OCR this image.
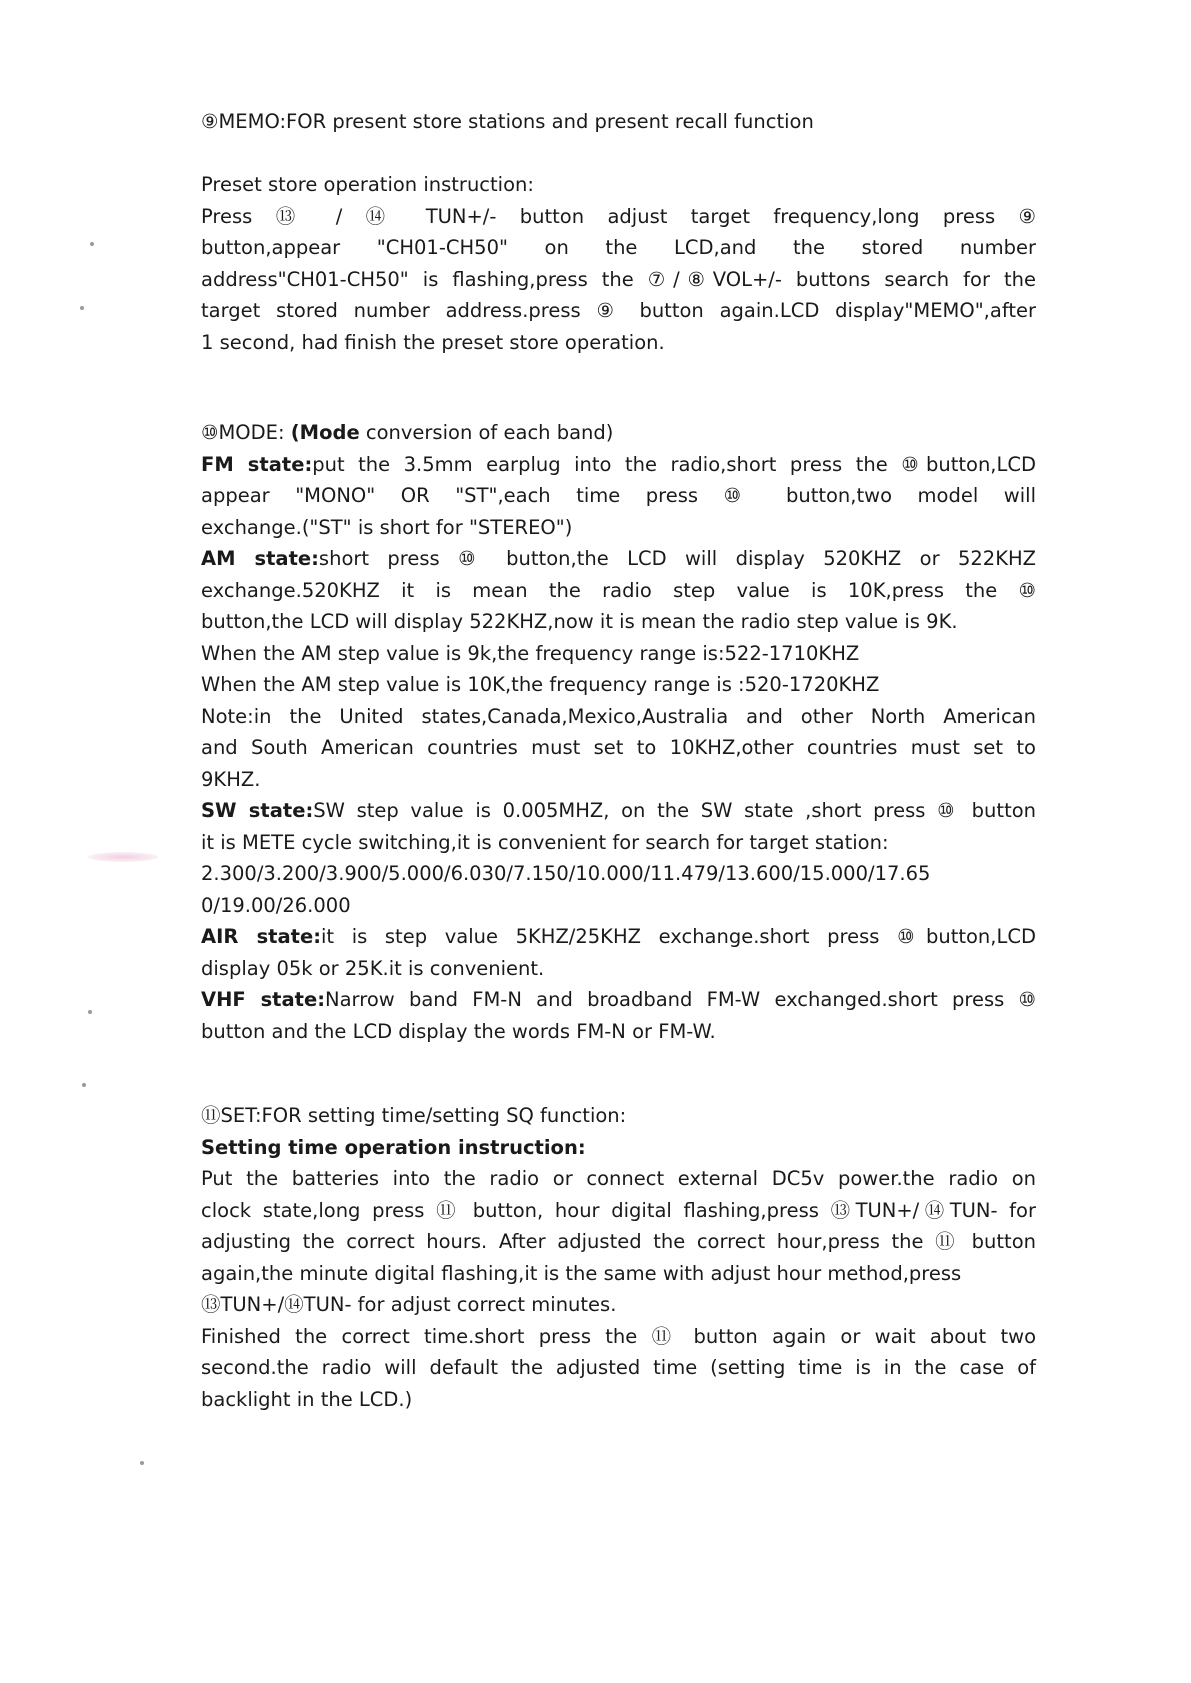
⑨MEMO:FOR present store stations and present recall function
Preset store operation instruction:
Press ⑬ / ⑭ TUN+/- button adjust target frequency,long press ⑨
button,appear "CH01-CH50" on the LCD,and the stored number
address"CH01-CH50" is flashing,press the ⑦/⑧VOL+/- buttons search for the
target stored number address.press ⑨ button again.LCD display"MEMO",after
1 second, had finish the preset store operation.
⑩MODE: (Mode conversion of each band)
FM state:put the 3.5mm earplug into the radio,short press the ⑩button,LCD
appear "MONO" OR "ST",each time press ⑩ button,two model will
exchange.("ST" is short for "STEREO")
AM state:short press ⑩ button,the LCD will display 520KHZ or 522KHZ
exchange.520KHZ it is mean the radio step value is 10K,press the ⑩
button,the LCD will display 522KHZ,now it is mean the radio step value is 9K.
When the AM step value is 9k,the frequency range is:522-1710KHZ
When the AM step value is 10K,the frequency range is :520-1720KHZ
Note:in the United states,Canada,Mexico,Australia and other North American
and South American countries must set to 10KHZ,other countries must set to
9KHZ.
SW state:SW step value is 0.005MHZ, on the SW state ,short press ⑩ button
it is METE cycle switching,it is convenient for search for target station:
2.300/3.200/3.900/5.000/6.030/7.150/10.000/11.479/13.600/15.000/17.65
0/19.00/26.000
AIR state:it is step value 5KHZ/25KHZ exchange.short press ⑩button,LCD
display 05k or 25K.it is convenient.
VHF state:Narrow band FM-N and broadband FM-W exchanged.short press ⑩
button and the LCD display the words FM-N or FM-W.
⑪SET:FOR setting time/setting SQ function:
Setting time operation instruction:
Put the batteries into the radio or connect external DC5v power.the radio on
clock state,long press ⑪ button, hour digital flashing,press ⑬TUN+/⑭TUN- for
adjusting the correct hours. After adjusted the correct hour,press the ⑪ button
again,the minute digital flashing,it is the same with adjust hour method,press
⑬TUN+/⑭TUN- for adjust correct minutes.
Finished the correct time.short press the ⑪ button again or wait about two
second.the radio will default the adjusted time (setting time is in the case of
backlight in the LCD.)
